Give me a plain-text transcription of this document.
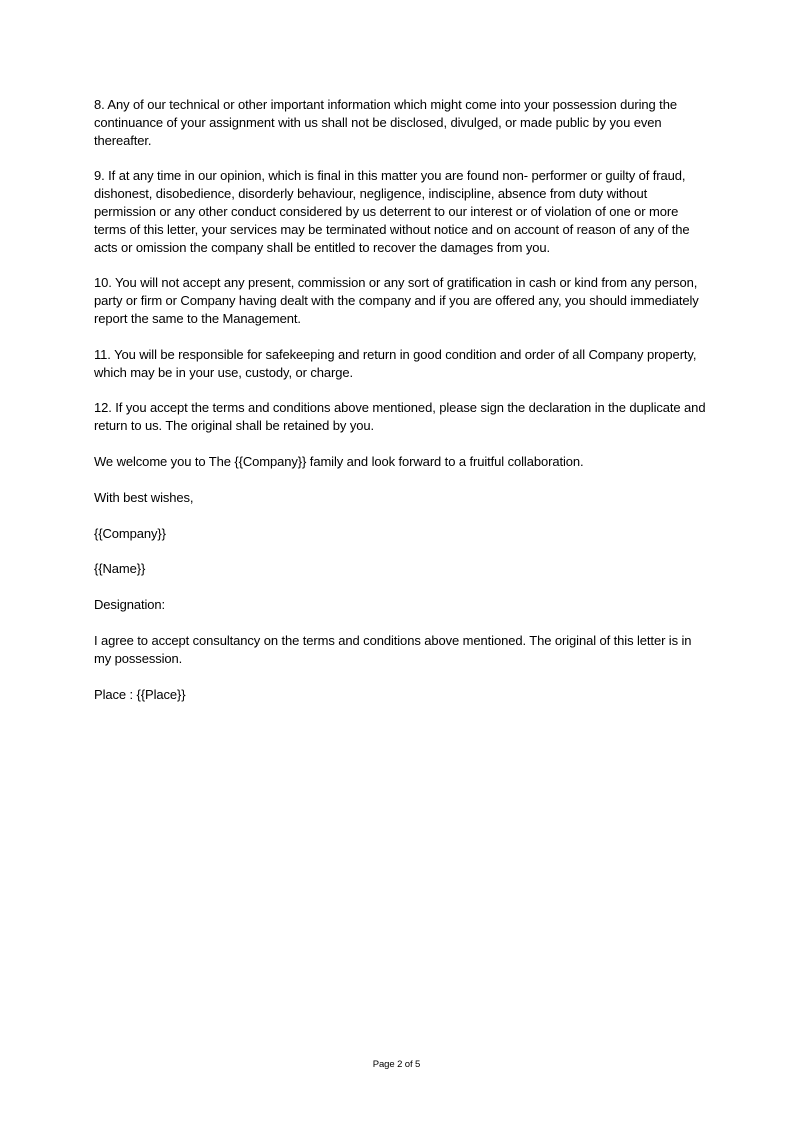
8. Any of our technical or other important information which might come into your possession during the continuance of your assignment with us shall not be disclosed, divulged, or made public by you even thereafter.

9. If at any time in our opinion, which is final in this matter you are found non- performer or guilty of fraud, dishonest, disobedience, disorderly behaviour, negligence, indiscipline, absence from duty without permission or any other conduct considered by us deterrent to our interest or of violation of one or more terms of this letter, your services may be terminated without notice and on account of reason of any of the acts or omission the company shall be entitled to recover the damages from you.

10. You will not accept any present, commission or any sort of gratification in cash or kind from any person, party or firm or Company having dealt with the company and if you are offered any, you should immediately report the same to the Management.

11. You will be responsible for safekeeping and return in good condition and order of all Company property, which may be in your use, custody, or charge.

12. If you accept the terms and conditions above mentioned, please sign the declaration in the duplicate and return to us. The original shall be retained by you.

We welcome you to The {{Company}} family and look forward to a fruitful collaboration.

With best wishes,

{{Company}}

{{Name}}

Designation:

I agree to accept consultancy on the terms and conditions above mentioned. The original of this letter is in my possession.

Place : {{Place}}

Page 2 of 5
